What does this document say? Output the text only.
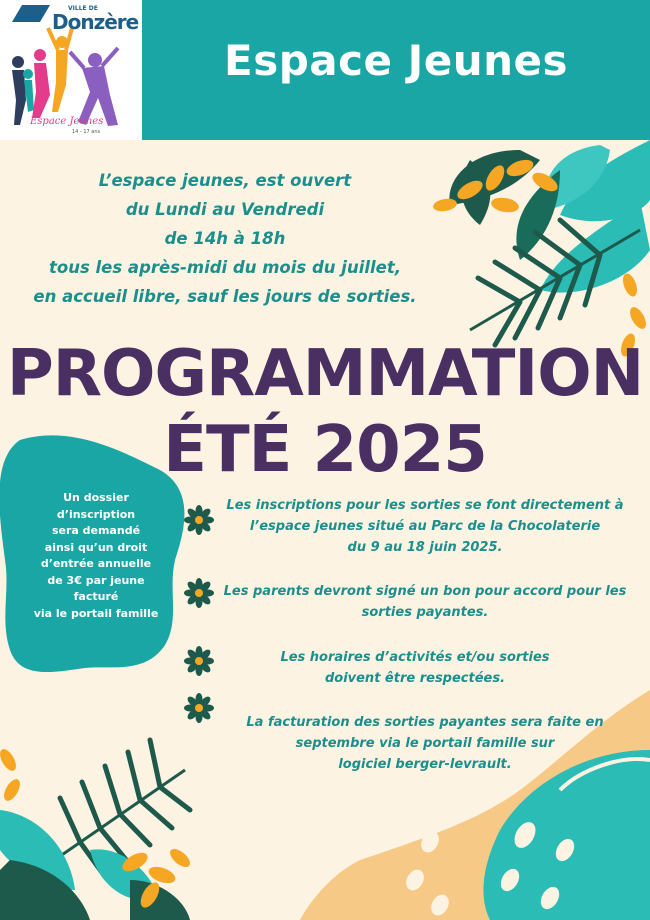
VILLE DE
Donzère
Espace Jeunes
14 - 17 ans
Espace Jeunes
L’espace jeunes, est ouvert
du Lundi au Vendredi
de 14h à 18h
tous les après-midi du mois du juillet,
en accueil libre, sauf les jours de sorties.
PROGRAMMATION
ÉTÉ 2025
Un dossier
d’inscription
sera demandé
ainsi qu’un droit
d’entrée annuelle
de 3€ par jeune
facturé
via le portail famille
Les inscriptions pour les sorties se font directement à
l’espace jeunes situé au Parc de la Chocolaterie
du 9 au 18 juin 2025.
Les parents devront signé un bon pour accord pour les
sorties payantes.
Les horaires d’activités et/ou sorties
doivent être respectées.
La facturation des sorties payantes sera faite en
septembre via le portail famille sur
logiciel berger-levrault.
